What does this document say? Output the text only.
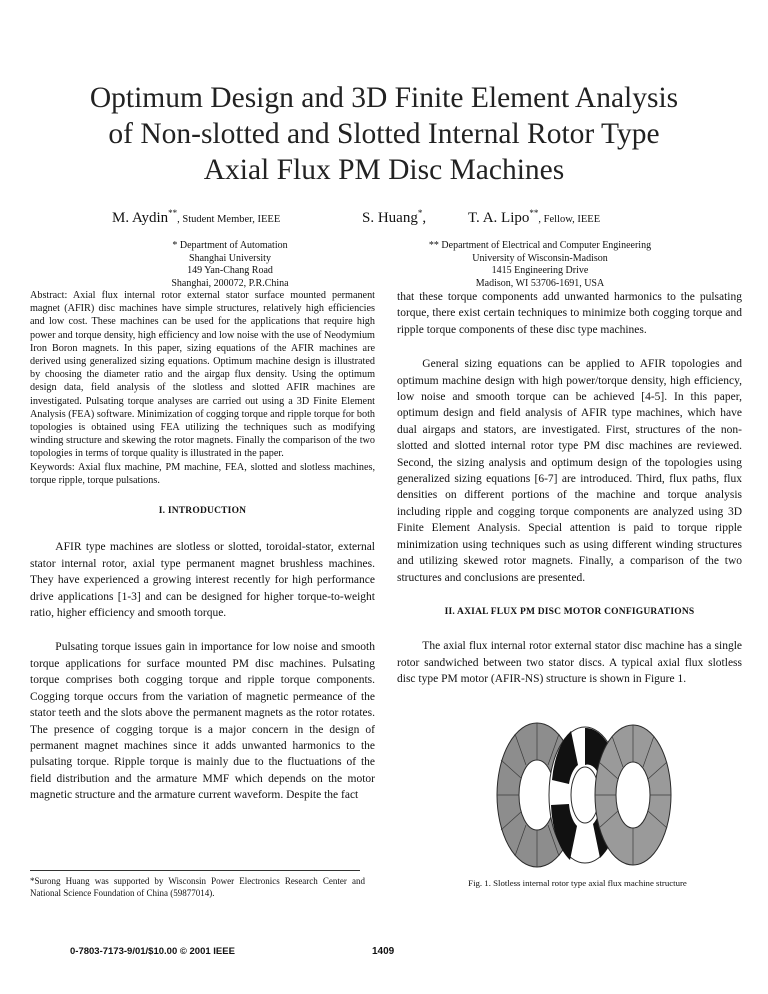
Optimum Design and 3D Finite Element Analysis
of Non-slotted and Slotted Internal Rotor Type
Axial Flux PM Disc Machines
M. Aydin**, Student Member, IEEE	S. Huang*,	T. A. Lipo**, Fellow, IEEE
* Department of Automation
Shanghai University
149 Yan-Chang Road
Shanghai, 200072, P.R.China
** Department of Electrical and Computer Engineering
University of Wisconsin-Madison
1415 Engineering Drive
Madison, WI 53706-1691, USA

Abstract: Axial flux internal rotor external stator surface mounted permanent magnet (AFIR) disc machines have simple structures, relatively high efficiencies and low cost. These machines can be used for the applications that require high power and torque density, high efficiency and low noise with the use of Neodymium Iron Boron magnets. In this paper, sizing equations of the AFIR machines are derived using generalized sizing equations. Optimum machine design is illustrated by choosing the diameter ratio and the airgap flux density. Using the optimum design data, field analysis of the slotless and slotted AFIR machines are investigated. Pulsating torque analyses are carried out using a 3D Finite Element Analysis (FEA) software. Minimization of cogging torque and ripple torque for both topologies is obtained using FEA utilizing the techniques such as modifying winding structure and skewing the rotor magnets. Finally the comparison of the two topologies in terms of torque quality is illustrated in the paper.

Keywords: Axial flux machine, PM machine, FEA, slotted and slotless machines, torque ripple, torque pulsations.

I. INTRODUCTION

AFIR type machines are slotless or slotted, toroidal-stator, external stator internal rotor, axial type permanent magnet brushless machines. They have experienced a growing interest recently for high performance drive applications [1-3] and can be designed for higher torque-to-weight ratio, higher efficiency and smooth torque.

Pulsating torque issues gain in importance for low noise and smooth torque applications for surface mounted PM disc machines. Pulsating torque comprises both cogging torque and ripple torque components. Cogging torque occurs from the variation of magnetic permeance of the stator teeth and the slots above the permanent magnets as the rotor rotates. The presence of cogging torque is a major concern in the design of permanent magnet machines since it adds unwanted harmonics to the pulsating torque. Ripple torque is mainly due to the fluctuations of the field distribution and the armature MMF which depends on the motor magnetic structure and the armature current waveform. Despite the fact

that these torque components add unwanted harmonics to the pulsating torque, there exist certain techniques to minimize both cogging torque and ripple torque components of these disc type machines.

General sizing equations can be applied to AFIR topologies and optimum machine design with high power/torque density, high efficiency, low noise and smooth torque can be achieved [4-5]. In this paper, optimum design and field analysis of AFIR type machines, which have dual airgaps and stators, are investigated. First, structures of the non-slotted and slotted internal rotor type PM disc machines are reviewed. Second, the sizing analysis and optimum design of the topologies using generalized sizing equations [6-7] are introduced. Third, flux paths, flux densities on different portions of the machine and torque analysis including ripple and cogging torque components are analyzed using 3D Finite Element Analysis. Special attention is paid to torque ripple minimization using techniques such as using different winding structures and utilizing skewed rotor magnets. Finally, a comparison of the two structures and conclusions are presented.

II. AXIAL FLUX PM DISC MOTOR CONFIGURATIONS

The axial flux internal rotor external stator disc machine has a single rotor sandwiched between two stator discs. A typical axial flux slotless disc type PM motor (AFIR-NS) structure is shown in Figure 1.

Fig. 1. Slotless internal rotor type axial flux machine structure
*Surong Huang was supported by Wisconsin Power Electronics Research Center and National Science Foundation of China (59877014).
0-7803-7173-9/01/$10.00 © 2001 IEEE	1409
